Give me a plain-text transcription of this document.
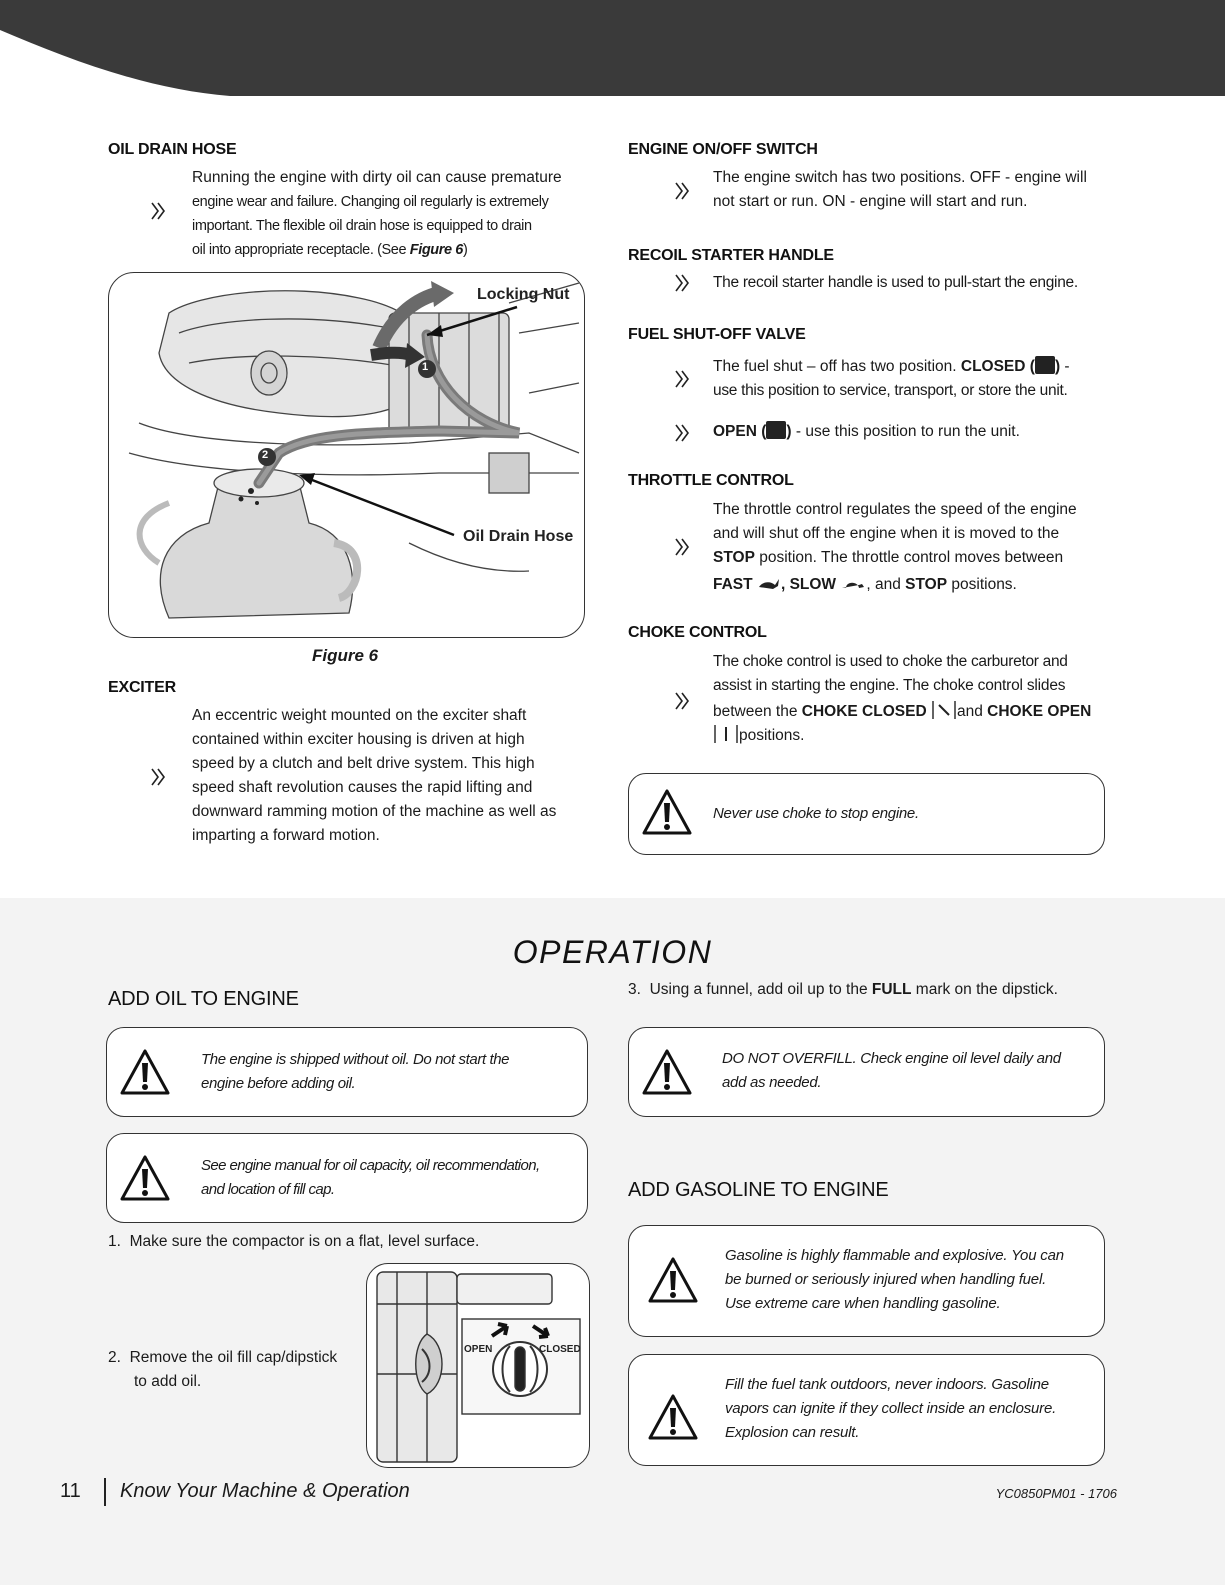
OIL DRAIN HOSE
Running the engine with dirty oil can cause premature
engine wear and failure. Changing oil regularly is extremely
important. The flexible oil drain hose is equipped to drain
oil into appropriate receptacle. (See Figure 6)
Locking Nut
Oil Drain Hose
1
2
Figure 6
EXCITER
An eccentric weight mounted on the exciter shaft
contained within exciter housing is driven at high
speed by a clutch and belt drive system. This high
speed shaft revolution causes the rapid lifting and
downward ramming motion of the machine as well as
imparting a forward motion.
ENGINE ON/OFF SWITCH
The engine switch has two positions. OFF - engine will
not start or run. ON - engine will start and run.
RECOIL STARTER HANDLE
The recoil starter handle is used to pull-start the engine.
FUEL SHUT-OFF VALVE
The fuel shut – off has two position. CLOSED ( ) -
use this position to service, transport, or store the unit.
OPEN ( ) - use this position to run the unit.
THROTTLE CONTROL
The throttle control regulates the speed of the engine
and will shut off the engine when it is moved to the
STOP position. The throttle control moves between
FAST , SLOW , and STOP positions.
CHOKE CONTROL
The choke control is used to choke the carburetor and
assist in starting the engine. The choke control slides
between the CHOKE CLOSED and CHOKE OPEN
positions.
Never use choke to stop engine.
OPERATION
ADD OIL TO ENGINE
The engine is shipped without oil. Do not start the
engine before adding oil.
See engine manual for oil capacity, oil recommendation,
and location of fill cap.
1. Make sure the compactor is on a flat, level surface.
2. Remove the oil fill cap/dipstick
to add oil.
OPEN	CLOSED
3. Using a funnel, add oil up to the FULL mark on the dipstick.
DO NOT OVERFILL. Check engine oil level daily and
add as needed.
ADD GASOLINE TO ENGINE
Gasoline is highly flammable and explosive. You can
be burned or seriously injured when handling fuel.
Use extreme care when handling gasoline.
Fill the fuel tank outdoors, never indoors. Gasoline
vapors can ignite if they collect inside an enclosure.
Explosion can result.
11 Know Your Machine & Operation	YC0850PM01 - 1706
